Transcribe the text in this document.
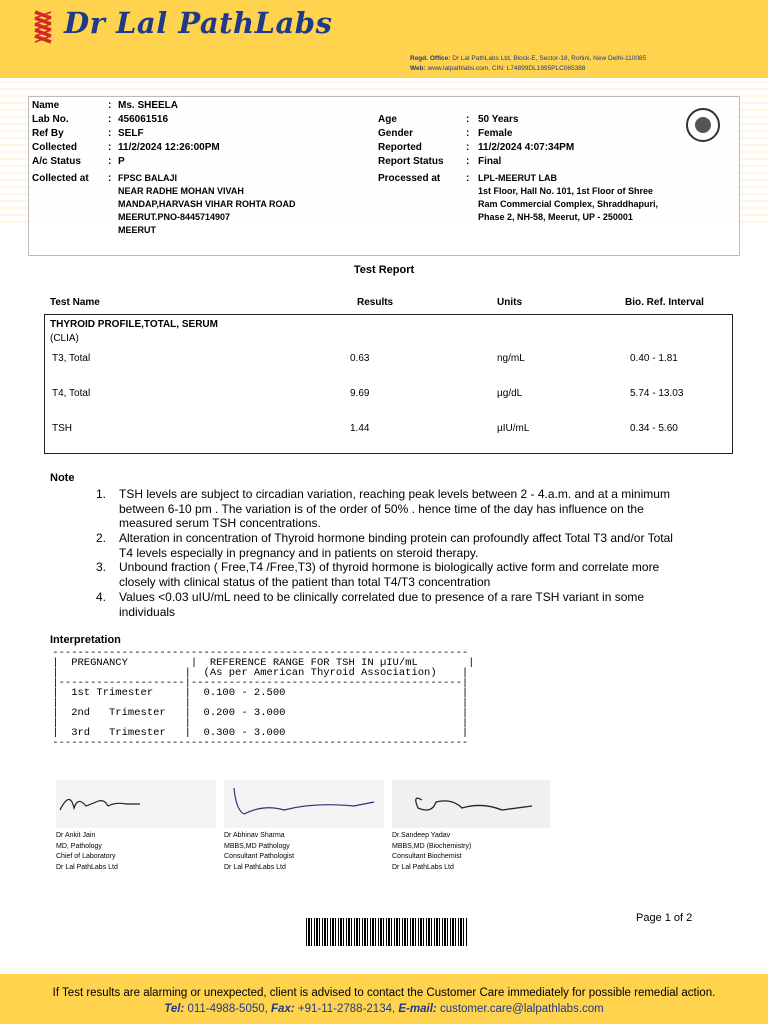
Dr Lal PathLabs
Regd. Office: Dr Lal PathLabs Ltd, Block-E, Sector-18, Rohini, New Delhi-110085
Web: www.lalpathlabs.com, CIN: L74899DL1995PLC065388
Name	: Ms. SHEELA
Lab No.	: 456061516
Ref By	: SELF
Collected	: 11/2/2024 12:26:00PM
A/c Status	: P
Collected at : FPSC BALAJI
NEAR RADHE MOHAN VIVAH
MANDAP,HARVASH VIHAR ROHTA ROAD
MEERUT.PNO-8445714907
MEERUT
Age	: 50 Years
Gender	: Female
Reported	: 11/2/2024 4:07:34PM
Report Status : Final
Processed at	: LPL-MEERUT LAB
1st Floor, Hall No. 101, 1st Floor of Shree
Ram Commercial Complex, Shraddhapuri,
Phase 2, NH-58, Meerut, UP - 250001
Test Report
Test Name	Results	Units	Bio. Ref. Interval
THYROID PROFILE,TOTAL, SERUM
(CLIA)
T3, Total	0.63	ng/mL	0.40 - 1.81
T4, Total	9.69	µg/dL	5.74 - 13.03
TSH	1.44	µIU/mL	0.34 - 5.60
Note
1. TSH levels are subject to circadian variation, reaching peak levels between 2 - 4.a.m. and at a minimum between 6-10 pm . The variation is of the order of 50% . hence time of the day has influence on the measured serum TSH concentrations.
2. Alteration in concentration of Thyroid hormone binding protein can profoundly affect Total T3 and/or Total T4 levels especially in pregnancy and in patients on steroid therapy.
3. Unbound fraction ( Free,T4 /Free,T3) of thyroid hormone is biologically active form and correlate more closely with clinical status of the patient than total T4/T3 concentration
4. Values <0.03 uIU/mL need to be clinically correlated due to presence of a rare TSH variant in some individuals
Interpretation
------------------------------------------------------------------
|  PREGNANCY          |  REFERENCE RANGE FOR TSH IN µIU/mL        |
|                    |  (As per American Thyroid Association)    |
|--------------------|-------------------------------------------|
|  1st Trimester     |  0.100 - 2.500                            |
|                    |                                           |
|  2nd   Trimester   |  0.200 - 3.000                            |
|                    |                                           |
|  3rd   Trimester   |  0.300 - 3.000                            |
------------------------------------------------------------------
Dr Ankit Jain
MD, Pathology
Chief of Laboratory
Dr Lal PathLabs Ltd
Dr Abhinav Sharma
MBBS,MD Pathology
Consultant Pathologist
Dr Lal PathLabs Ltd
Dr.Sandeep Yadav
MBBS,MD (Biochemistry)
Consultant Biochemist
Dr Lal PathLabs Ltd
Page 1 of 2
If Test results are alarming or unexpected, client is advised to contact the Customer Care immediately for possible remedial action.
Tel: 011-4988-5050, Fax: +91-11-2788-2134, E-mail: customer.care@lalpathlabs.com
